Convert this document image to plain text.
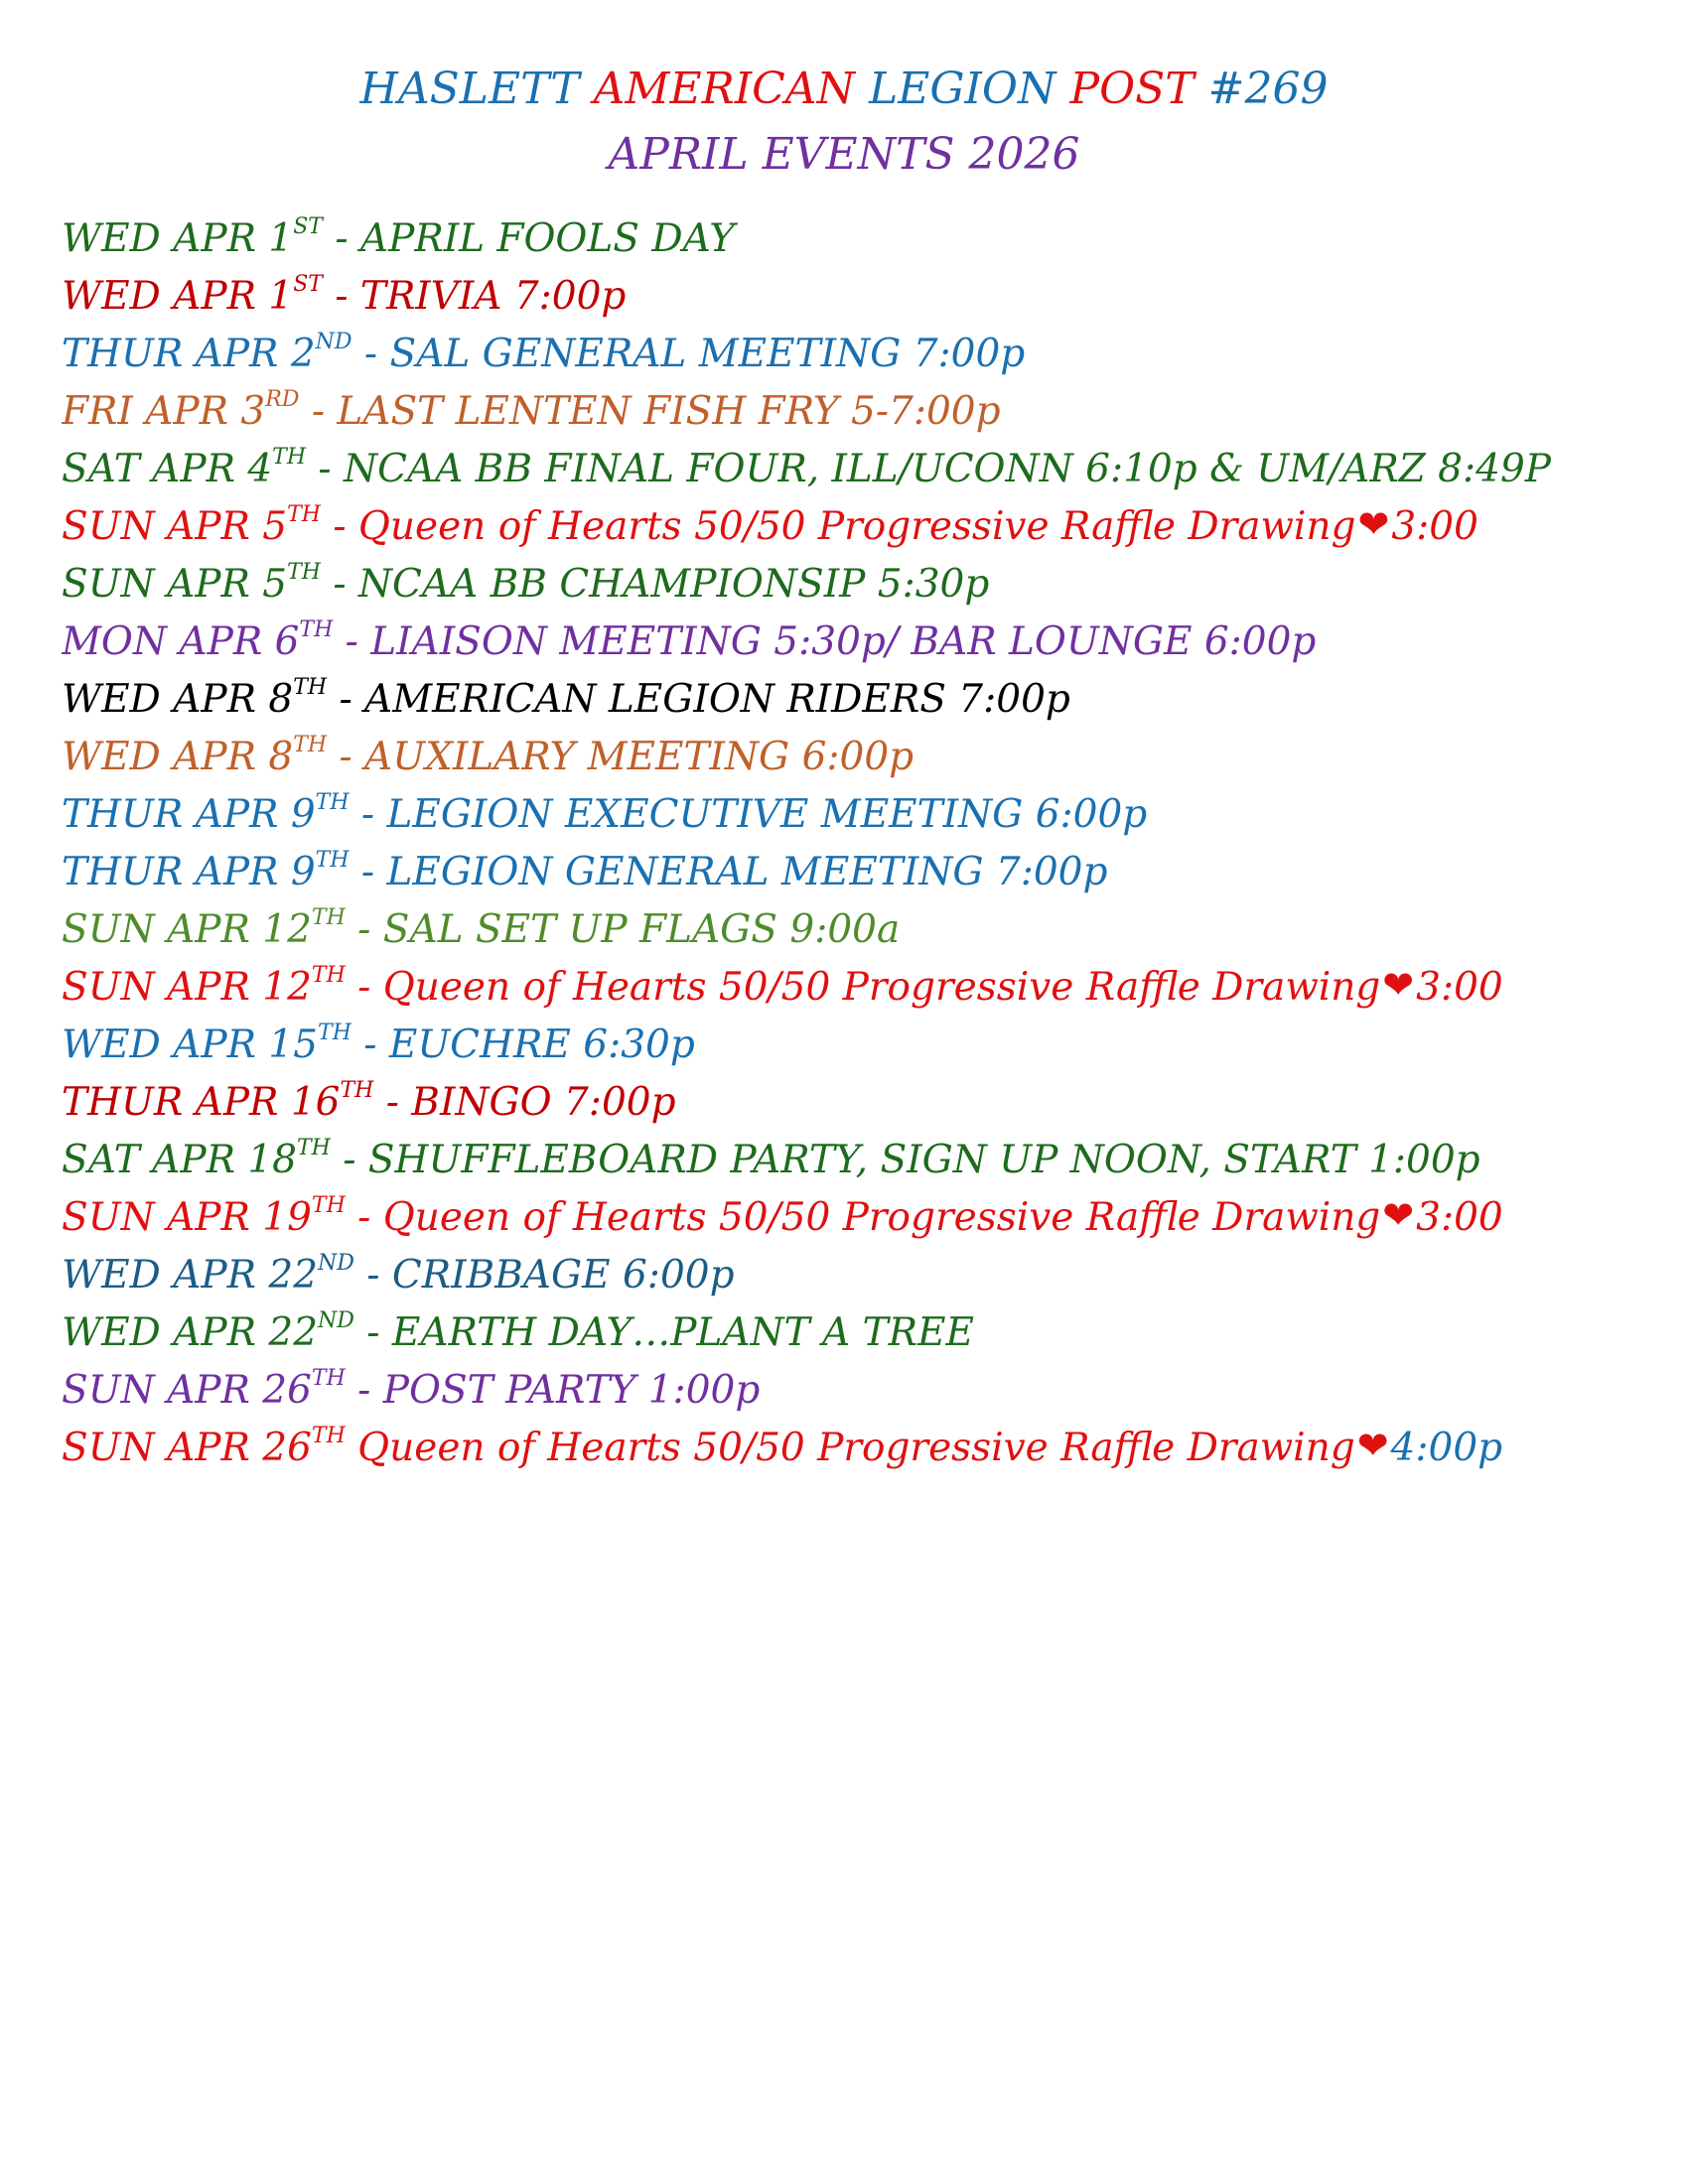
HASLETT AMERICAN LEGION POST #269
APRIL EVENTS 2026
WED APR 1ST - APRIL FOOLS DAY
WED APR 1ST - TRIVIA 7:00p
THUR APR 2ND - SAL GENERAL MEETING 7:00p
FRI APR 3RD - LAST LENTEN FISH FRY 5-7:00p
SAT APR 4TH - NCAA BB FINAL FOUR, ILL/UCONN 6:10p & UM/ARZ 8:49P
SUN APR 5TH - Queen of Hearts 50/50 Progressive Raffle Drawing❤3:00
SUN APR 5TH - NCAA BB CHAMPIONSIP 5:30p
MON APR 6TH - LIAISON MEETING 5:30p/ BAR LOUNGE 6:00p
WED APR 8TH - AMERICAN LEGION RIDERS 7:00p
WED APR 8TH - AUXILARY MEETING 6:00p
THUR APR 9TH - LEGION EXECUTIVE MEETING 6:00p
THUR APR 9TH - LEGION GENERAL MEETING 7:00p
SUN APR 12TH - SAL SET UP FLAGS 9:00a
SUN APR 12TH - Queen of Hearts 50/50 Progressive Raffle Drawing❤3:00
WED APR 15TH - EUCHRE 6:30p
THUR APR 16TH - BINGO 7:00p
SAT APR 18TH - SHUFFLEBOARD PARTY, SIGN UP NOON, START 1:00p
SUN APR 19TH - Queen of Hearts 50/50 Progressive Raffle Drawing❤3:00
WED APR 22ND - CRIBBAGE 6:00p
WED APR 22ND - EARTH DAY…PLANT A TREE
SUN APR 26TH - POST PARTY 1:00p
SUN APR 26TH Queen of Hearts 50/50 Progressive Raffle Drawing❤4:00p
